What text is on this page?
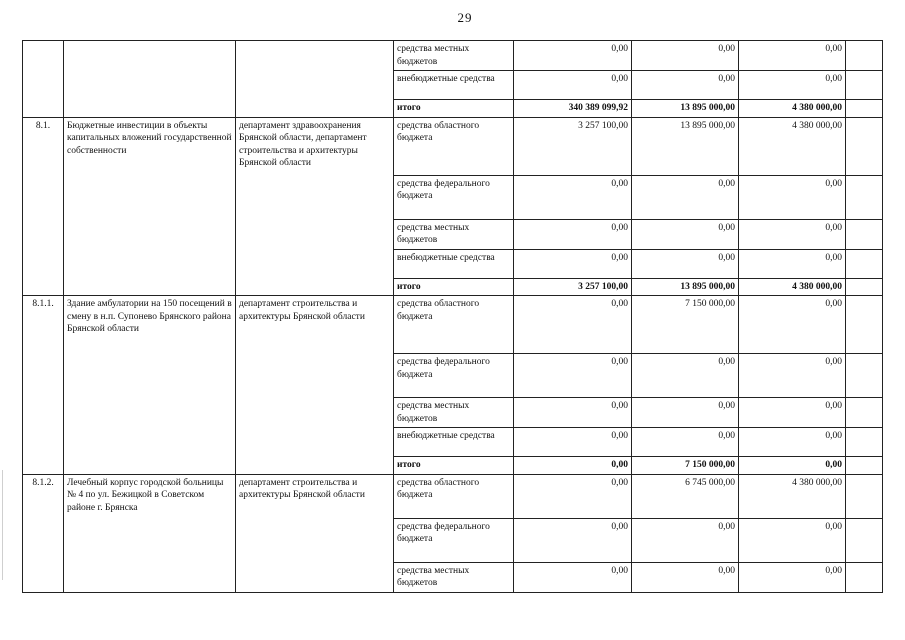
29
			средства местных бюджетов	0,00	0,00	0,00	
			внебюджетные средства	0,00	0,00	0,00	
			итого	340 389 099,92	13 895 000,00	4 380 000,00	
8.1.	Бюджетные инвестиции в объекты капитальных вложений государственной собственности	департамент здравоохранения Брянской области, департамент строительства и архитектуры Брянской области	средства областного бюджета	3 257 100,00	13 895 000,00	4 380 000,00	
			средства федерального бюджета	0,00	0,00	0,00	
			средства местных бюджетов	0,00	0,00	0,00	
			внебюджетные средства	0,00	0,00	0,00	
			итого	3 257 100,00	13 895 000,00	4 380 000,00	
8.1.1.	Здание амбулатории на 150 посещений в смену в н.п. Супонево Брянского района Брянской области	департамент строительства и архитектуры Брянской области	средства областного бюджета	0,00	7 150 000,00	0,00	
			средства федерального бюджета	0,00	0,00	0,00	
			средства местных бюджетов	0,00	0,00	0,00	
			внебюджетные средства	0,00	0,00	0,00	
			итого	0,00	7 150 000,00	0,00	
8.1.2.	Лечебный корпус городской больницы № 4 по ул. Бежицкой в Советском районе г. Брянска	департамент строительства и архитектуры Брянской области	средства областного бюджета	0,00	6 745 000,00	4 380 000,00	
			средства федерального бюджета	0,00	0,00	0,00	
			средства местных бюджетов	0,00	0,00	0,00	
